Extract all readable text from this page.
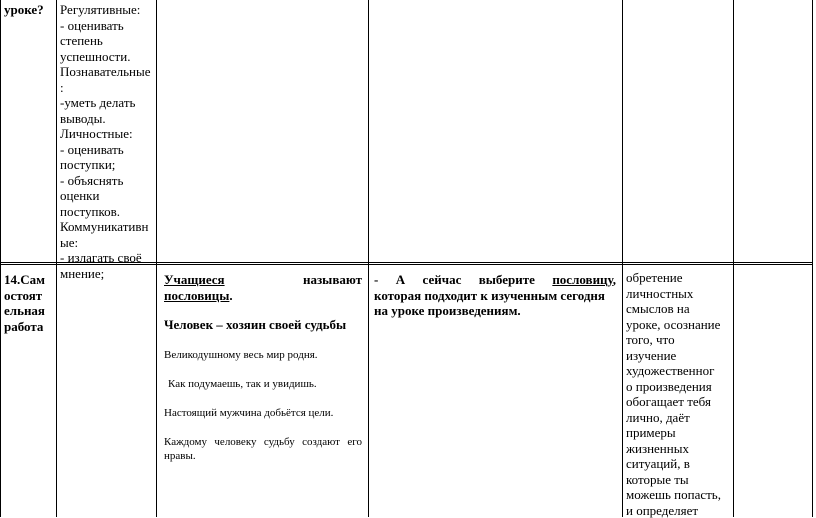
уроке?	Регулятивные:
- оценивать
степень
успешности.
Познавательные
:
-уметь делать
выводы.
Личностные:
- оценивать
поступки;
- объяснять
оценки
поступков.
Коммуникативн
ые:
- излагать своё
мнение;
14.Сам
остоят
ельная
работа
Учащиеся	называют
пословицы.
Человек – хозяин своей судьбы
Великодушному весь мир родня.
Как подумаешь, так и увидишь.
Настоящий мужчина добьётся цели.
Каждому человеку судьбу создают его нравы.
- А сейчас выберите пословицу,
которая подходит к изученным сегодня
на уроке произведениям.
обретение
личностных
смыслов на
уроке, осознание
того, что
изучение
художественног
о произведения
обогащает тебя
лично, даёт
примеры
жизненных
ситуаций, в
которые ты
можешь попасть,
и определяет
